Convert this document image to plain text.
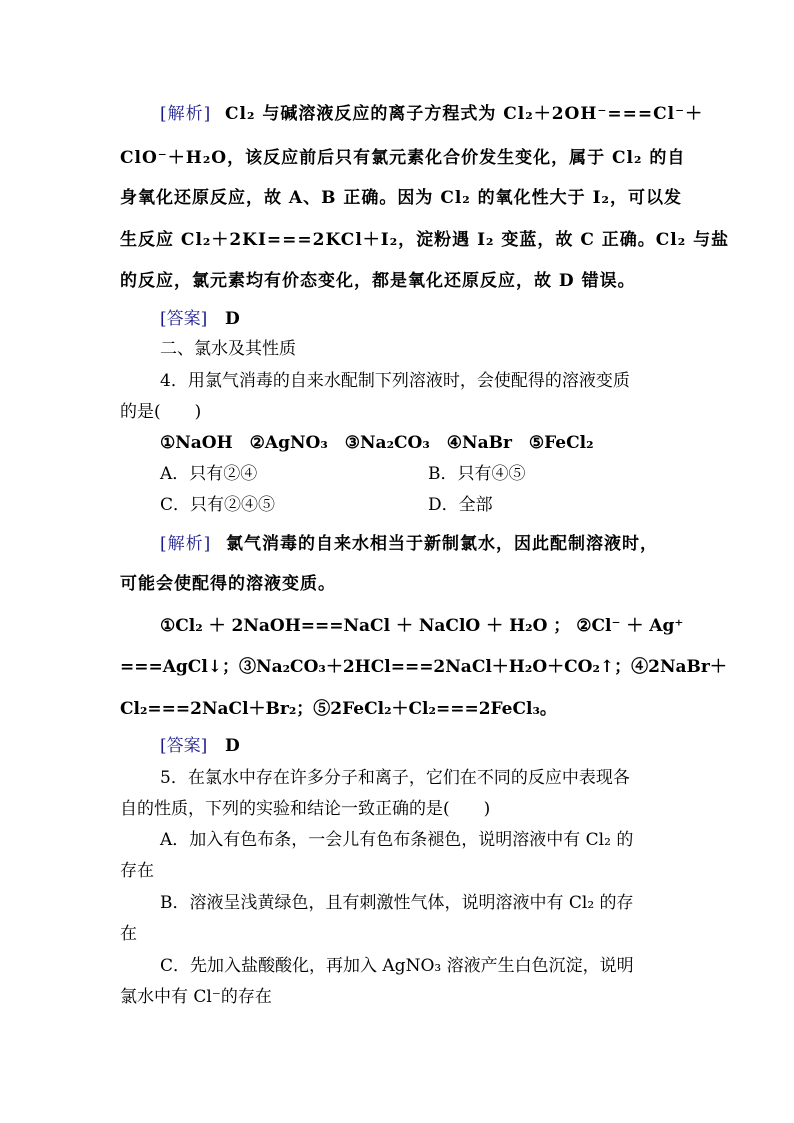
[解析] Cl₂ 与碱溶液反应的离子方程式为 Cl₂＋2OH⁻===Cl⁻＋
ClO⁻＋H₂O，该反应前后只有氯元素化合价发生变化，属于 Cl₂ 的自
身氧化还原反应，故 A、B 正确。因为 Cl₂ 的氧化性大于 I₂，可以发
生反应 Cl₂＋2KI===2KCl＋I₂，淀粉遇 I₂ 变蓝，故 C 正确。Cl₂ 与盐
的反应，氯元素均有价态变化，都是氧化还原反应，故 D 错误。
[答案] D
二、氯水及其性质
4．用氯气消毒的自来水配制下列溶液时，会使配得的溶液变质
的是(　　)
①NaOH　②AgNO₃　③Na₂CO₃　④NaBr　⑤FeCl₂
A．只有②④	B．只有④⑤
C．只有②④⑤	D．全部
[解析] 氯气消毒的自来水相当于新制氯水，因此配制溶液时，
可能会使配得的溶液变质。
①Cl₂ ＋ 2NaOH===NaCl ＋ NaClO ＋ H₂O ； ②Cl⁻ ＋ Ag⁺
===AgCl↓；③Na₂CO₃＋2HCl===2NaCl＋H₂O＋CO₂↑；④2NaBr＋
Cl₂===2NaCl＋Br₂；⑤2FeCl₂＋Cl₂===2FeCl₃。
[答案] D
5．在氯水中存在许多分子和离子，它们在不同的反应中表现各
自的性质，下列的实验和结论一致正确的是(　　)
A．加入有色布条，一会儿有色布条褪色，说明溶液中有 Cl₂ 的
存在
B．溶液呈浅黄绿色，且有刺激性气体，说明溶液中有 Cl₂ 的存
在
C．先加入盐酸酸化，再加入 AgNO₃ 溶液产生白色沉淀，说明
氯水中有 Cl⁻的存在
